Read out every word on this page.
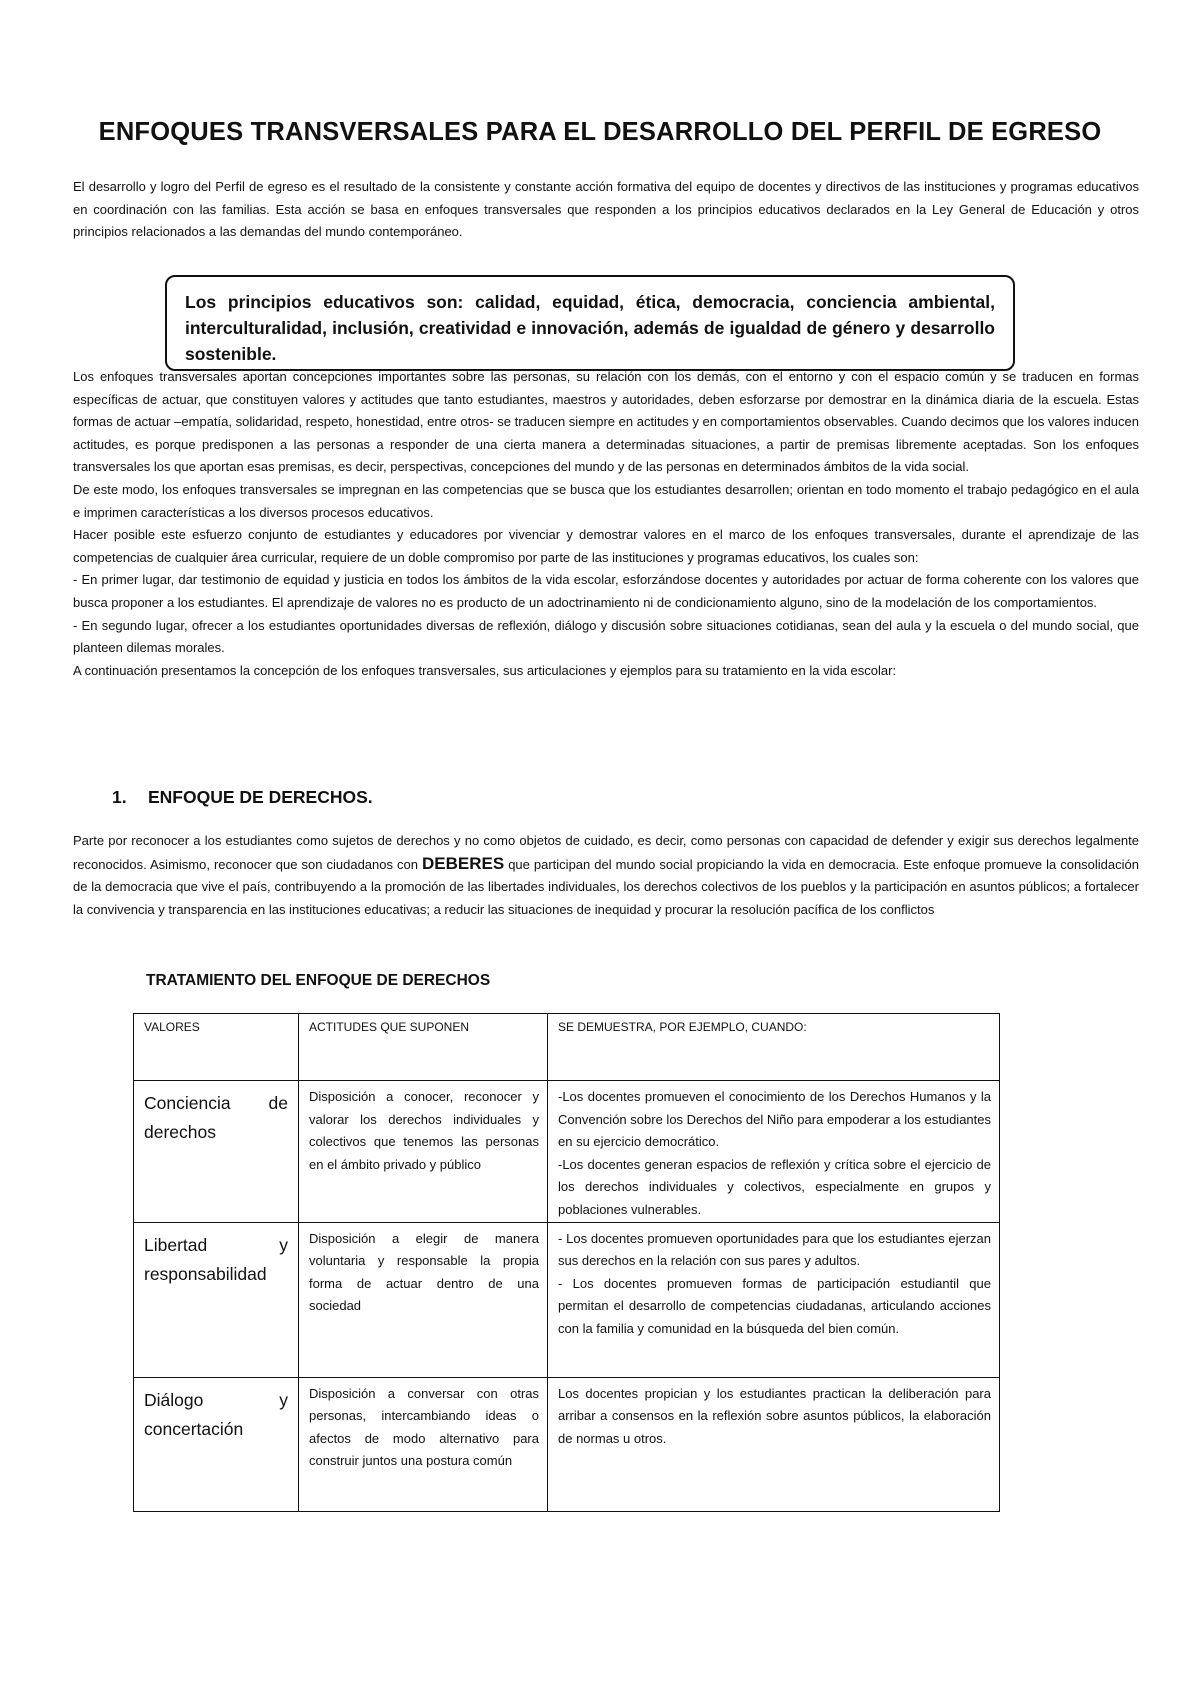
ENFOQUES TRANSVERSALES PARA EL DESARROLLO DEL PERFIL DE EGRESO
El desarrollo y logro del Perfil de egreso es el resultado de la consistente y constante acción formativa del equipo de docentes y directivos de las instituciones y programas educativos en coordinación con las familias. Esta acción se basa en enfoques transversales que responden a los principios educativos declarados en la Ley General de Educación y otros principios relacionados a las demandas del mundo contemporáneo.
Los principios educativos son: calidad, equidad, ética, democracia, conciencia ambiental, interculturalidad, inclusión, creatividad e innovación, además de igualdad de género y desarrollo sostenible.

Los enfoques transversales aportan concepciones importantes sobre las personas, su relación con los demás, con el entorno y con el espacio común y se traducen en formas específicas de actuar, que constituyen valores y actitudes que tanto estudiantes, maestros y autoridades, deben esforzarse por demostrar en la dinámica diaria de la escuela. Estas formas de actuar –empatía, solidaridad, respeto, honestidad, entre otros- se traducen siempre en actitudes y en comportamientos observables. Cuando decimos que los valores inducen actitudes, es porque predisponen a las personas a responder de una cierta manera a determinadas situaciones, a partir de premisas libremente aceptadas. Son los enfoques transversales los que aportan esas premisas, es decir, perspectivas, concepciones del mundo y de las personas en determinados ámbitos de la vida social.

De este modo, los enfoques transversales se impregnan en las competencias que se busca que los estudiantes desarrollen; orientan en todo momento el trabajo pedagógico en el aula e imprimen características a los diversos procesos educativos.

Hacer posible este esfuerzo conjunto de estudiantes y educadores por vivenciar y demostrar valores en el marco de los enfoques transversales, durante el aprendizaje de las competencias de cualquier área curricular, requiere de un doble compromiso por parte de las instituciones y programas educativos, los cuales son:

- En primer lugar, dar testimonio de equidad y justicia en todos los ámbitos de la vida escolar, esforzándose docentes y autoridades por actuar de forma coherente con los valores que busca proponer a los estudiantes. El aprendizaje de valores no es producto de un adoctrinamiento ni de condicionamiento alguno, sino de la modelación de los comportamientos.

- En segundo lugar, ofrecer a los estudiantes oportunidades diversas de reflexión, diálogo y discusión sobre situaciones cotidianas, sean del aula y la escuela o del mundo social, que planteen dilemas morales.

A continuación presentamos la concepción de los enfoques transversales, sus articulaciones y ejemplos para su tratamiento en la vida escolar:

1. ENFOQUE DE DERECHOS.
Parte por reconocer a los estudiantes como sujetos de derechos y no como objetos de cuidado, es decir, como personas con capacidad de defender y exigir sus derechos legalmente reconocidos. Asimismo, reconocer que son ciudadanos con DEBERES que participan del mundo social propiciando la vida en democracia. Este enfoque promueve la consolidación de la democracia que vive el país, contribuyendo a la promoción de las libertades individuales, los derechos colectivos de los pueblos y la participación en asuntos públicos; a fortalecer la convivencia y transparencia en las instituciones educativas; a reducir las situaciones de inequidad y procurar la resolución pacífica de los conflictos
TRATAMIENTO DEL ENFOQUE DE DERECHOS
VALORES	ACTITUDES QUE SUPONEN	SE DEMUESTRA, POR EJEMPLO, CUANDO:
Conciencia de derechos	Disposición a conocer, reconocer y valorar los derechos individuales y colectivos que tenemos las personas en el ámbito privado y público	-Los docentes promueven el conocimiento de los Derechos Humanos y la Convención sobre los Derechos del Niño para empoderar a los estudiantes en su ejercicio democrático.

-Los docentes generan espacios de reflexión y crítica sobre el ejercicio de los derechos individuales y colectivos, especialmente en grupos y poblaciones vulnerables.

Libertad y responsabilidad	Disposición a elegir de manera voluntaria y responsable la propia forma de actuar dentro de una sociedad	- Los docentes promueven oportunidades para que los estudiantes ejerzan sus derechos en la relación con sus pares y adultos.

- Los docentes promueven formas de participación estudiantil que permitan el desarrollo de competencias ciudadanas, articulando acciones con la familia y comunidad en la búsqueda del bien común.

Diálogo y concertación	Disposición a conversar con otras personas, intercambiando ideas o afectos de modo alternativo para construir juntos una postura común	Los docentes propician y los estudiantes practican la deliberación para arribar a consensos en la reflexión sobre asuntos públicos, la elaboración de normas u otros.
